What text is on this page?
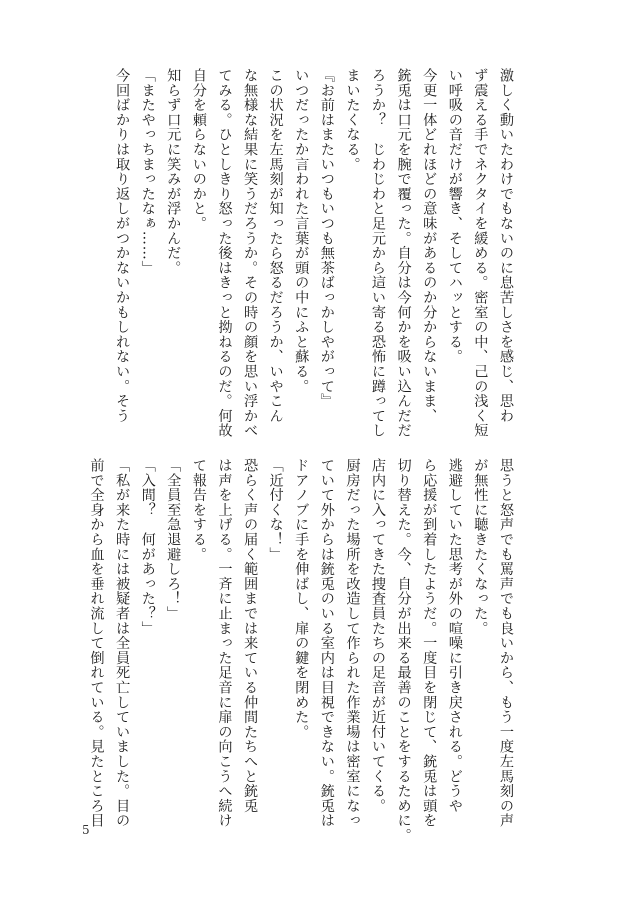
激しく動いたわけでもないのに息苦しさを感じ、思わ

ず震える手でネクタイを緩める。密室の中、己の浅く短

い呼吸の音だけが響き、そしてハッとする。

今更一体どれほどの意味があるのか分からないまま、

銃兎は口元を腕で覆った。自分は今何かを吸い込んだだ

ろうか？　じわじわと足元から這い寄る恐怖に蹲ってし

まいたくなる。

『お前はまたいつもいつも無茶ばっかしやがって』

いつだったか言われた言葉が頭の中にふと蘇る。

この状況を左馬刻が知ったら怒るだろうか、いやこん

な無様な結果に笑うだろうか。その時の顔を思い浮かべ

てみる。ひとしきり怒った後はきっと拗ねるのだ。何故

自分を頼らないのかと。

知らず口元に笑みが浮かんだ。

「またやっちまったなぁ……」

今回ばかりは取り返しがつかないかもしれない。そう

思うと怒声でも罵声でも良いから、もう一度左馬刻の声

が無性に聴きたくなった。

逃避していた思考が外の喧噪に引き戻される。どうや

ら応援が到着したようだ。一度目を閉じて、銃兎は頭を

切り替えた。今、自分が出来る最善のことをするために。

店内に入ってきた捜査員たちの足音が近付いてくる。

厨房だった場所を改造して作られた作業場は密室になっ

ていて外からは銃兎のいる室内は目視できない。銃兎は

ドアノブに手を伸ばし、扉の鍵を閉めた。

「近付くな！」

恐らく声の届く範囲までは来ている仲間たちへと銃兎

は声を上げる。一斉に止まった足音に扉の向こうへ続け

て報告をする。

「全員至急退避しろ！」

「入間？　何があった？」

「私が来た時には被疑者は全員死亡していました。目の

前で全身から血を垂れ流して倒れている。見たところ目

5
